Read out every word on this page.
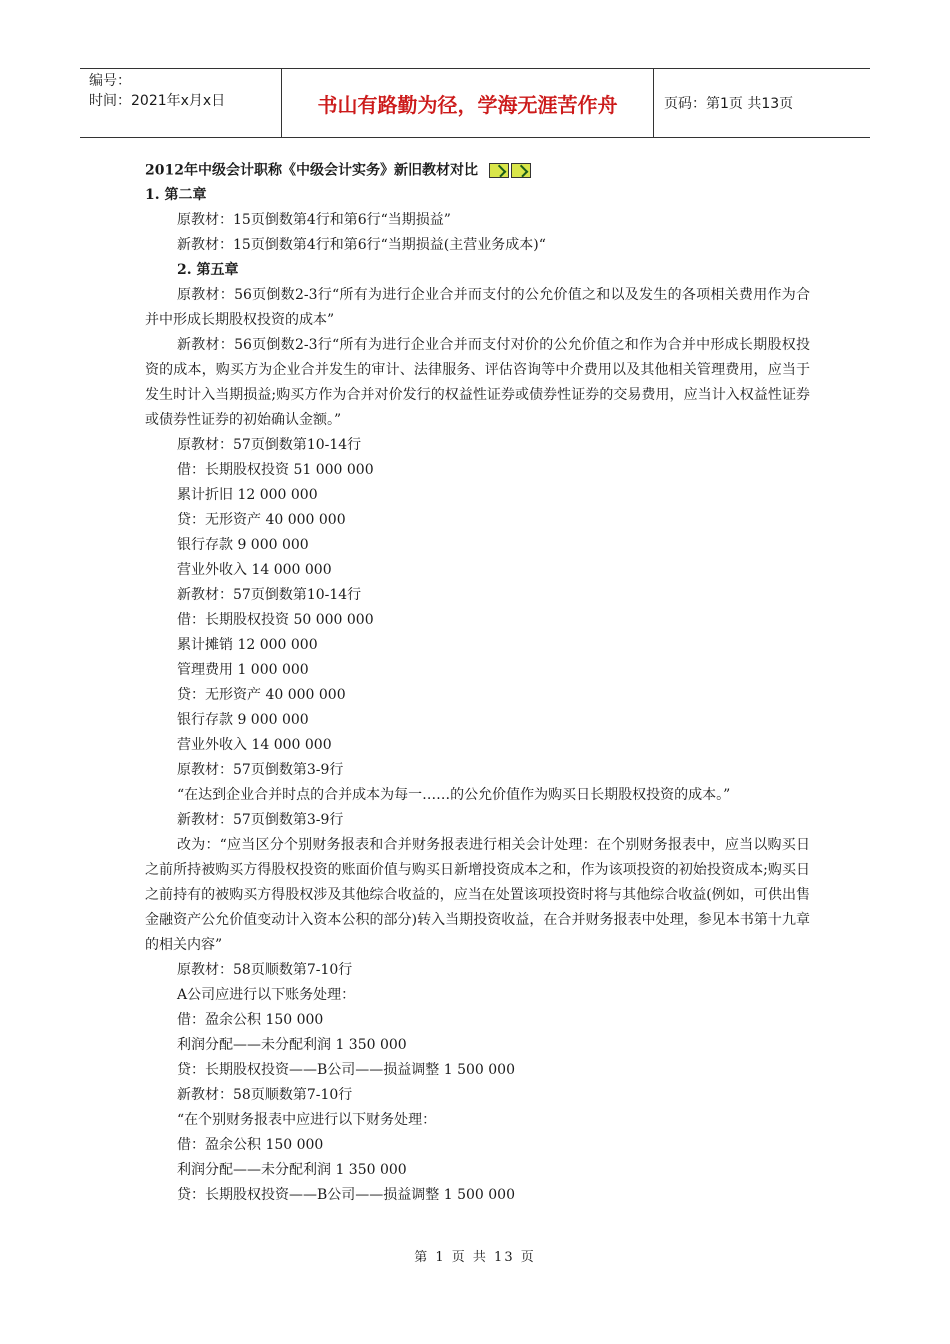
编号：
时间：2021年x月x日	书山有路勤为径，学海无涯苦作舟	页码：第1页 共13页
2012年中级会计职称《中级会计实务》新旧教材对比
1. 第二章
原教材：15页倒数第4行和第6行“当期损益”
新教材：15页倒数第4行和第6行“当期损益(主营业务成本)“
2. 第五章
原教材：56页倒数2-3行“所有为进行企业合并而支付的公允价值之和以及发生的各项相关费用作为合并中形成长期股权投资的成本”
新教材：56页倒数2-3行“所有为进行企业合并而支付对价的公允价值之和作为合并中形成长期股权投资的成本，购买方为企业合并发生的审计、法律服务、评估咨询等中介费用以及其他相关管理费用，应当于发生时计入当期损益;购买方作为合并对价发行的权益性证券或债券性证券的交易费用，应当计入权益性证券或债券性证券的初始确认金额。”
原教材：57页倒数第10-14行
借：长期股权投资 51 000 000
累计折旧 12 000 000
贷：无形资产 40 000 000
银行存款 9 000 000
营业外收入 14 000 000
新教材：57页倒数第10-14行
借：长期股权投资 50 000 000
累计摊销 12 000 000
管理费用 1 000 000
贷：无形资产 40 000 000
银行存款 9 000 000
营业外收入 14 000 000
原教材：57页倒数第3-9行
“在达到企业合并时点的合并成本为每一……的公允价值作为购买日长期股权投资的成本。”
新教材：57页倒数第3-9行
改为：“应当区分个别财务报表和合并财务报表进行相关会计处理：在个别财务报表中，应当以购买日之前所持被购买方得股权投资的账面价值与购买日新增投资成本之和，作为该项投资的初始投资成本;购买日之前持有的被购买方得股权涉及其他综合收益的，应当在处置该项投资时将与其他综合收益(例如，可供出售金融资产公允价值变动计入资本公积的部分)转入当期投资收益，在合并财务报表中处理，参见本书第十九章的相关内容”
原教材：58页顺数第7-10行
A公司应进行以下账务处理：
借：盈余公积 150 000
利润分配——未分配利润 1 350 000
贷：长期股权投资——B公司——损益调整 1 500 000
新教材：58页顺数第7-10行
“在个别财务报表中应进行以下财务处理：
借：盈余公积 150 000
利润分配——未分配利润 1 350 000
贷：长期股权投资——B公司——损益调整 1 500 000
第 1 页 共 13 页
